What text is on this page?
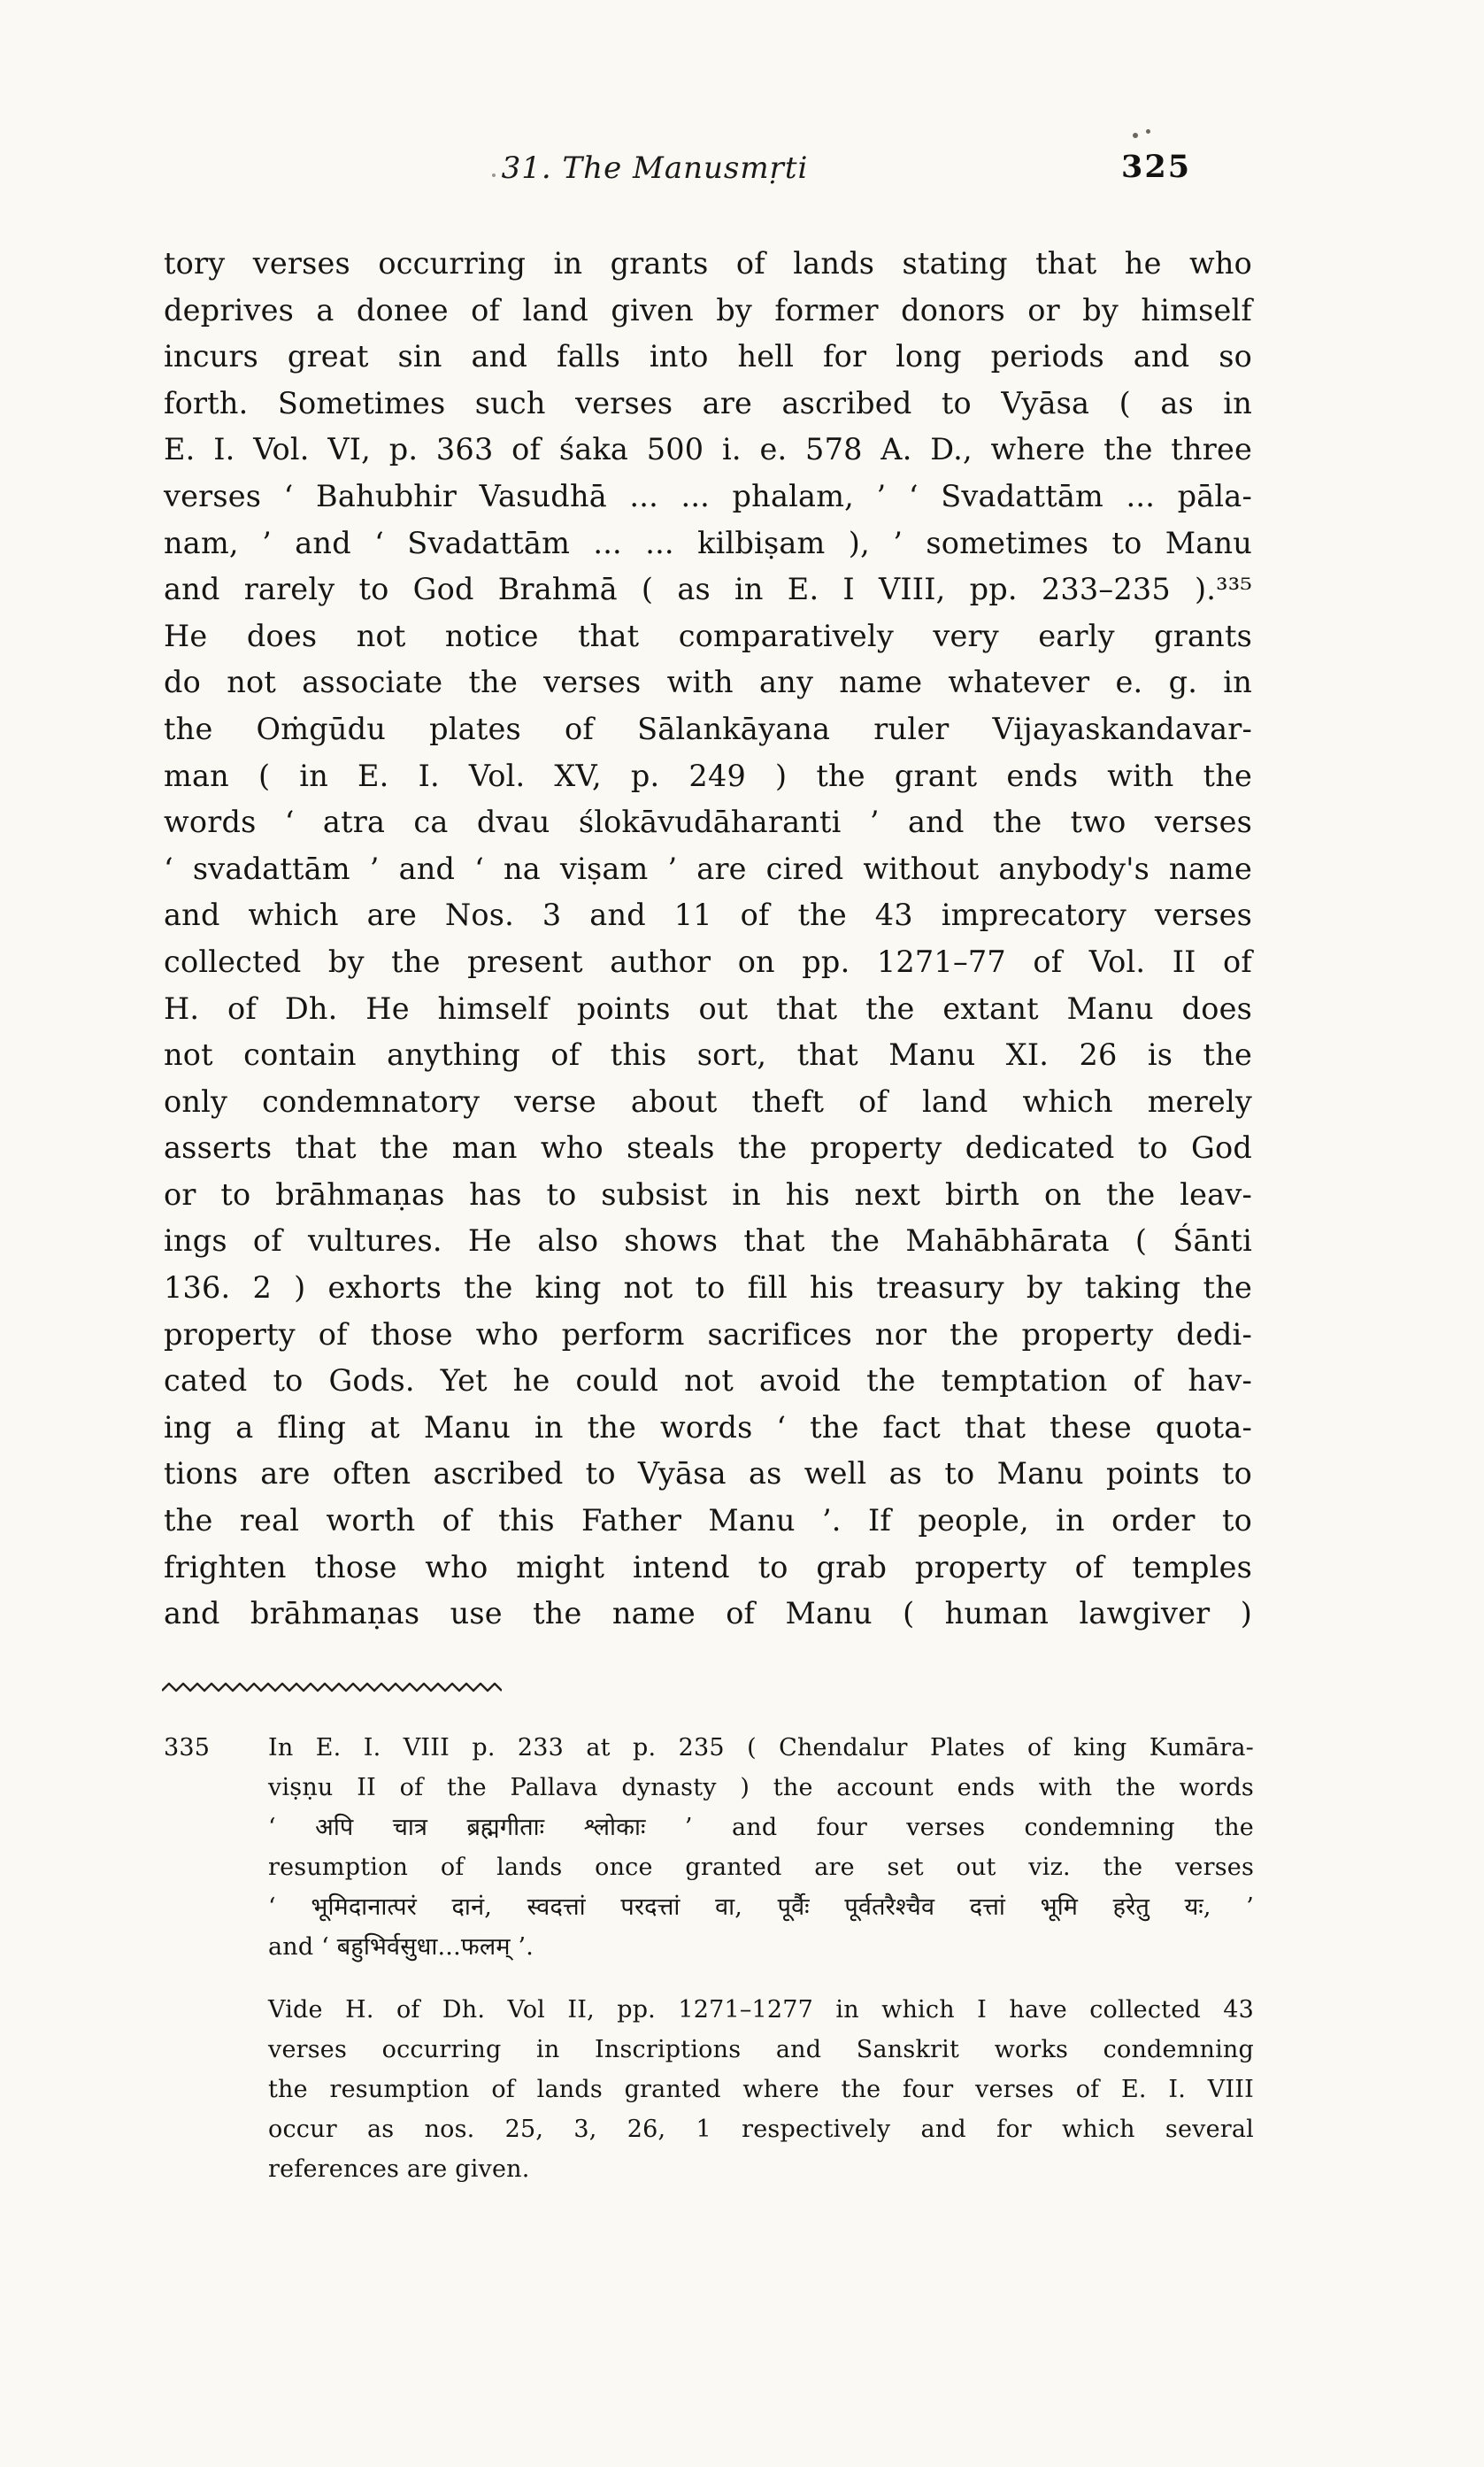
31. The Manusmṛti	325
tory verses occurring in grants of lands stating that he who
deprives a donee of land given by former donors or by himself
incurs great sin and falls into hell for long periods and so
forth. Sometimes such verses are ascribed to Vyāsa ( as in
E. I. Vol. VI, p. 363 of śaka 500 i. e. 578 A. D., where the three
verses ‘ Bahubhir Vasudhā ... ... phalam, ’ ‘ Svadattām ... pāla-
nam, ’ and ‘ Svadattām ... ... kilbiṣam ), ’ sometimes to Manu
and rarely to God Brahmā ( as in E. I VIII, pp. 233–235 ).³³⁵
He does not notice that comparatively very early grants
do not associate the verses with any name whatever e. g. in
the Oṁgūdu plates of Sālankāyana ruler Vijayaskandavar-
man ( in E. I. Vol. XV, p. 249 ) the grant ends with the
words ‘ atra ca dvau ślokāvudāharanti ’ and the two verses
‘ svadattām ’ and ‘ na viṣam ’ are cired without anybody's name
and which are Nos. 3 and 11 of the 43 imprecatory verses
collected by the present author on pp. 1271–77 of Vol. II of
H. of Dh. He himself points out that the extant Manu does
not contain anything of this sort, that Manu XI. 26 is the
only condemnatory verse about theft of land which merely
asserts that the man who steals the property dedicated to God
or to brāhmaṇas has to subsist in his next birth on the leav-
ings of vultures. He also shows that the Mahābhārata ( Śānti
136. 2 ) exhorts the king not to fill his treasury by taking the
property of those who perform sacrifices nor the property dedi-
cated to Gods. Yet he could not avoid the temptation of hav-
ing a fling at Manu in the words ‘ the fact that these quota-
tions are often ascribed to Vyāsa as well as to Manu points to
the real worth of this Father Manu ’. If people, in order to
frighten those who might intend to grab property of temples
and brāhmaṇas use the name of Manu ( human lawgiver )
335	In E. I. VIII p. 233 at p. 235 ( Chendalur Plates of king Kumāra-
viṣṇu II of the Pallava dynasty ) the account ends with the words
‘ अपि चात्र ब्रह्मगीताः श्लोकाः ’ and four verses condemning the
resumption of lands once granted are set out viz. the verses
‘ भूमिदानात्परं दानं, स्वदत्तां परदत्तां वा, पूर्वैः पूर्वतरैश्चैव दत्तां भूमि हरेतु यः, ’
and ‘ बहुभिर्वसुधा...फलम् ’.
Vide H. of Dh. Vol II, pp. 1271–1277 in which I have collected 43
verses occurring in Inscriptions and Sanskrit works condemning
the resumption of lands granted where the four verses of E. I. VIII
occur as nos. 25, 3, 26, 1 respectively and for which several
references are given.
